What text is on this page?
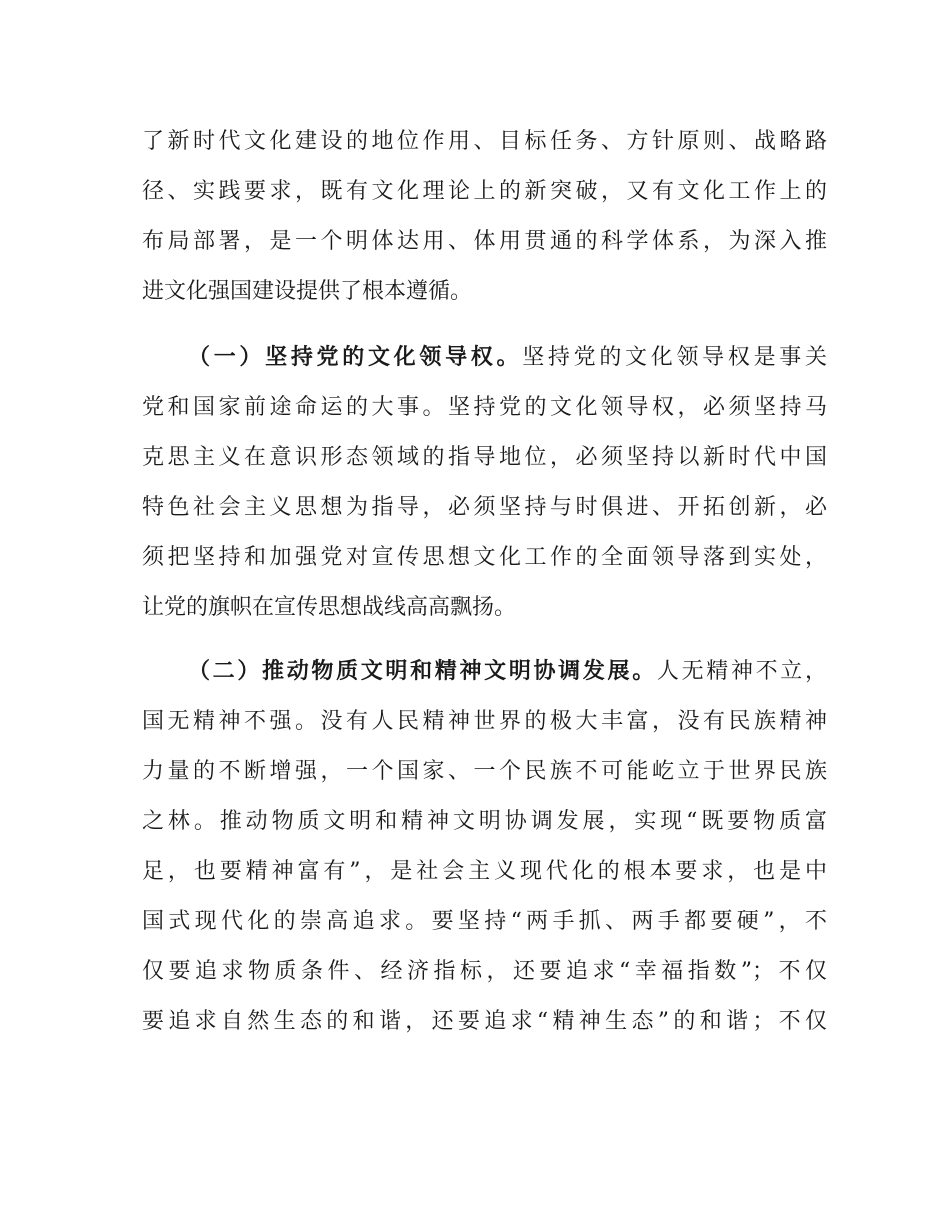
了新时代文化建设的地位作用、目标任务、方针原则、战略路
径、实践要求，既有文化理论上的新突破，又有文化工作上的
布局部署，是一个明体达用、体用贯通的科学体系，为深入推
进文化强国建设提供了根本遵循。
（一）坚持党的文化领导权。坚持党的文化领导权是事关
党和国家前途命运的大事。坚持党的文化领导权，必须坚持马
克思主义在意识形态领域的指导地位，必须坚持以新时代中国
特色社会主义思想为指导，必须坚持与时俱进、开拓创新，必
须把坚持和加强党对宣传思想文化工作的全面领导落到实处，
让党的旗帜在宣传思想战线高高飘扬。
（二）推动物质文明和精神文明协调发展。人无精神不立，
国无精神不强。没有人民精神世界的极大丰富，没有民族精神
力量的不断增强，一个国家、一个民族不可能屹立于世界民族
之林。推动物质文明和精神文明协调发展，实现“既要物质富
足，也要精神富有”，是社会主义现代化的根本要求，也是中
国式现代化的崇高追求。要坚持“两手抓、两手都要硬”，不
仅要追求物质条件、经济指标，还要追求“幸福指数”；不仅
要追求自然生态的和谐，还要追求“精神生态”的和谐；不仅
